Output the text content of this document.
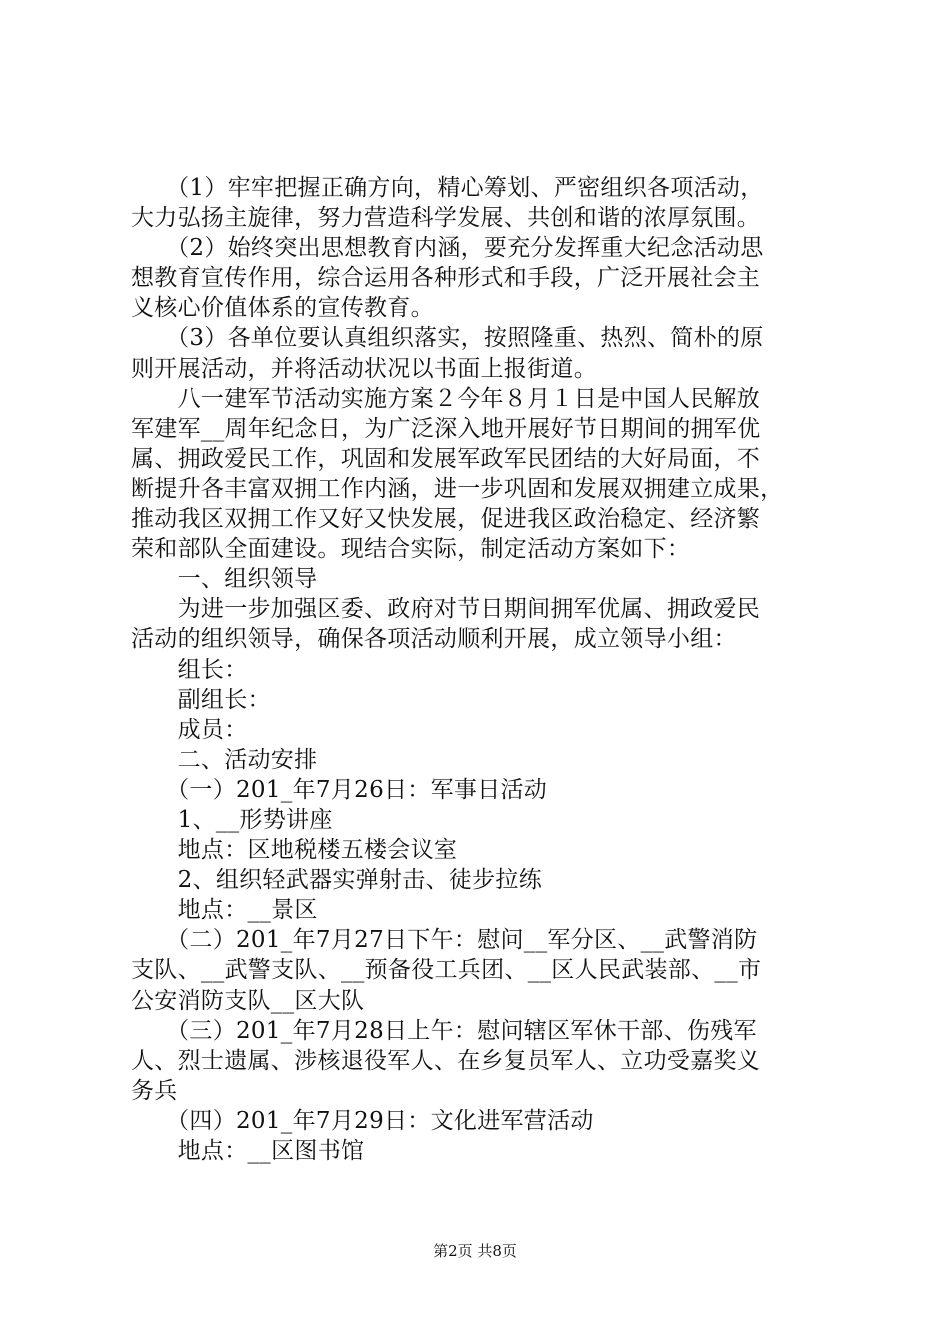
　　（1）牢牢把握正确方向，精心筹划、严密组织各项活动，

大力弘扬主旋律，努力营造科学发展、共创和谐的浓厚氛围。

　　（2）始终突出思想教育内涵，要充分发挥重大纪念活动思

想教育宣传作用，综合运用各种形式和手段，广泛开展社会主

义核心价值体系的宣传教育。

　　（3）各单位要认真组织落实，按照隆重、热烈、简朴的原

则开展活动，并将活动状况以书面上报街道。

　　八一建军节活动实施方案２今年８月１日是中国人民解放

军建军__周年纪念日，为广泛深入地开展好节日期间的拥军优

属、拥政爱民工作，巩固和发展军政军民团结的大好局面，不

断提升各丰富双拥工作内涵，进一步巩固和发展双拥建立成果，

推动我区双拥工作又好又快发展，促进我区政治稳定、经济繁

荣和部队全面建设。现结合实际，制定活动方案如下：

　　一、组织领导

　　为进一步加强区委、政府对节日期间拥军优属、拥政爱民

活动的组织领导，确保各项活动顺利开展，成立领导小组：

　　组长：

　　副组长：

　　成员：

　　二、活动安排

　　（一）201_年7月26日：军事日活动

　　1、__形势讲座

　　地点：区地税楼五楼会议室

　　2、组织轻武器实弹射击、徒步拉练

　　地点：__景区

　　（二）201_年7月27日下午：慰问__军分区、__武警消防

支队、__武警支队、__预备役工兵团、__区人民武装部、__市

公安消防支队__区大队

　　（三）201_年7月28日上午：慰问辖区军休干部、伤残军

人、烈士遗属、涉核退役军人、在乡复员军人、立功受嘉奖义

务兵

　　（四）201_年7月29日：文化进军营活动

　　地点：__区图书馆

第2页 共8页
